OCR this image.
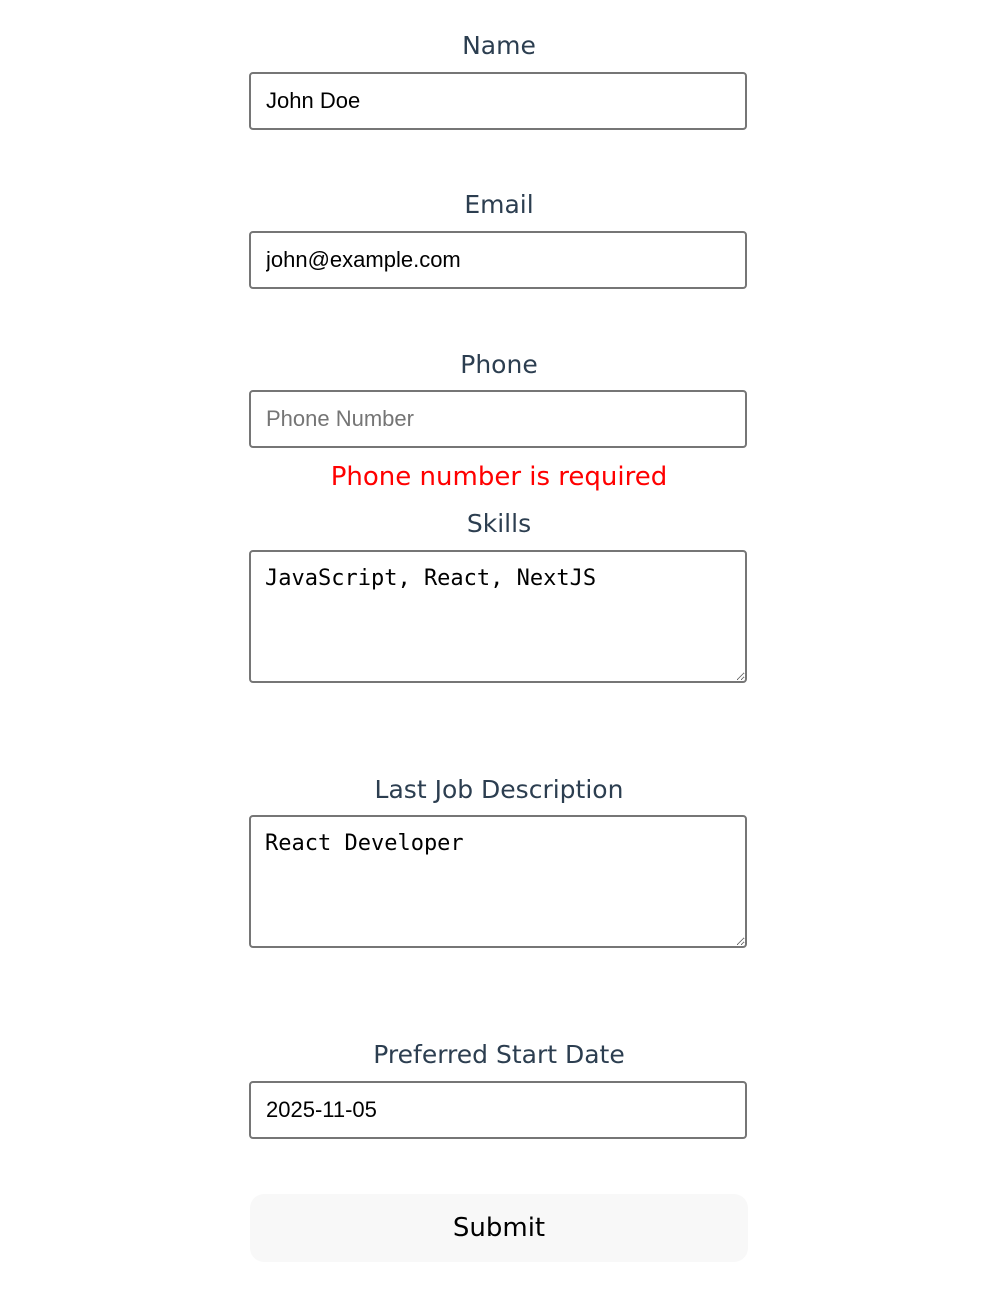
Name
John Doe
Email
john@example.com
Phone
Phone Number
Phone number is required
Skills
JavaScript, React, NextJS
Last Job Description
React Developer
Preferred Start Date
2025-11-05
Submit
